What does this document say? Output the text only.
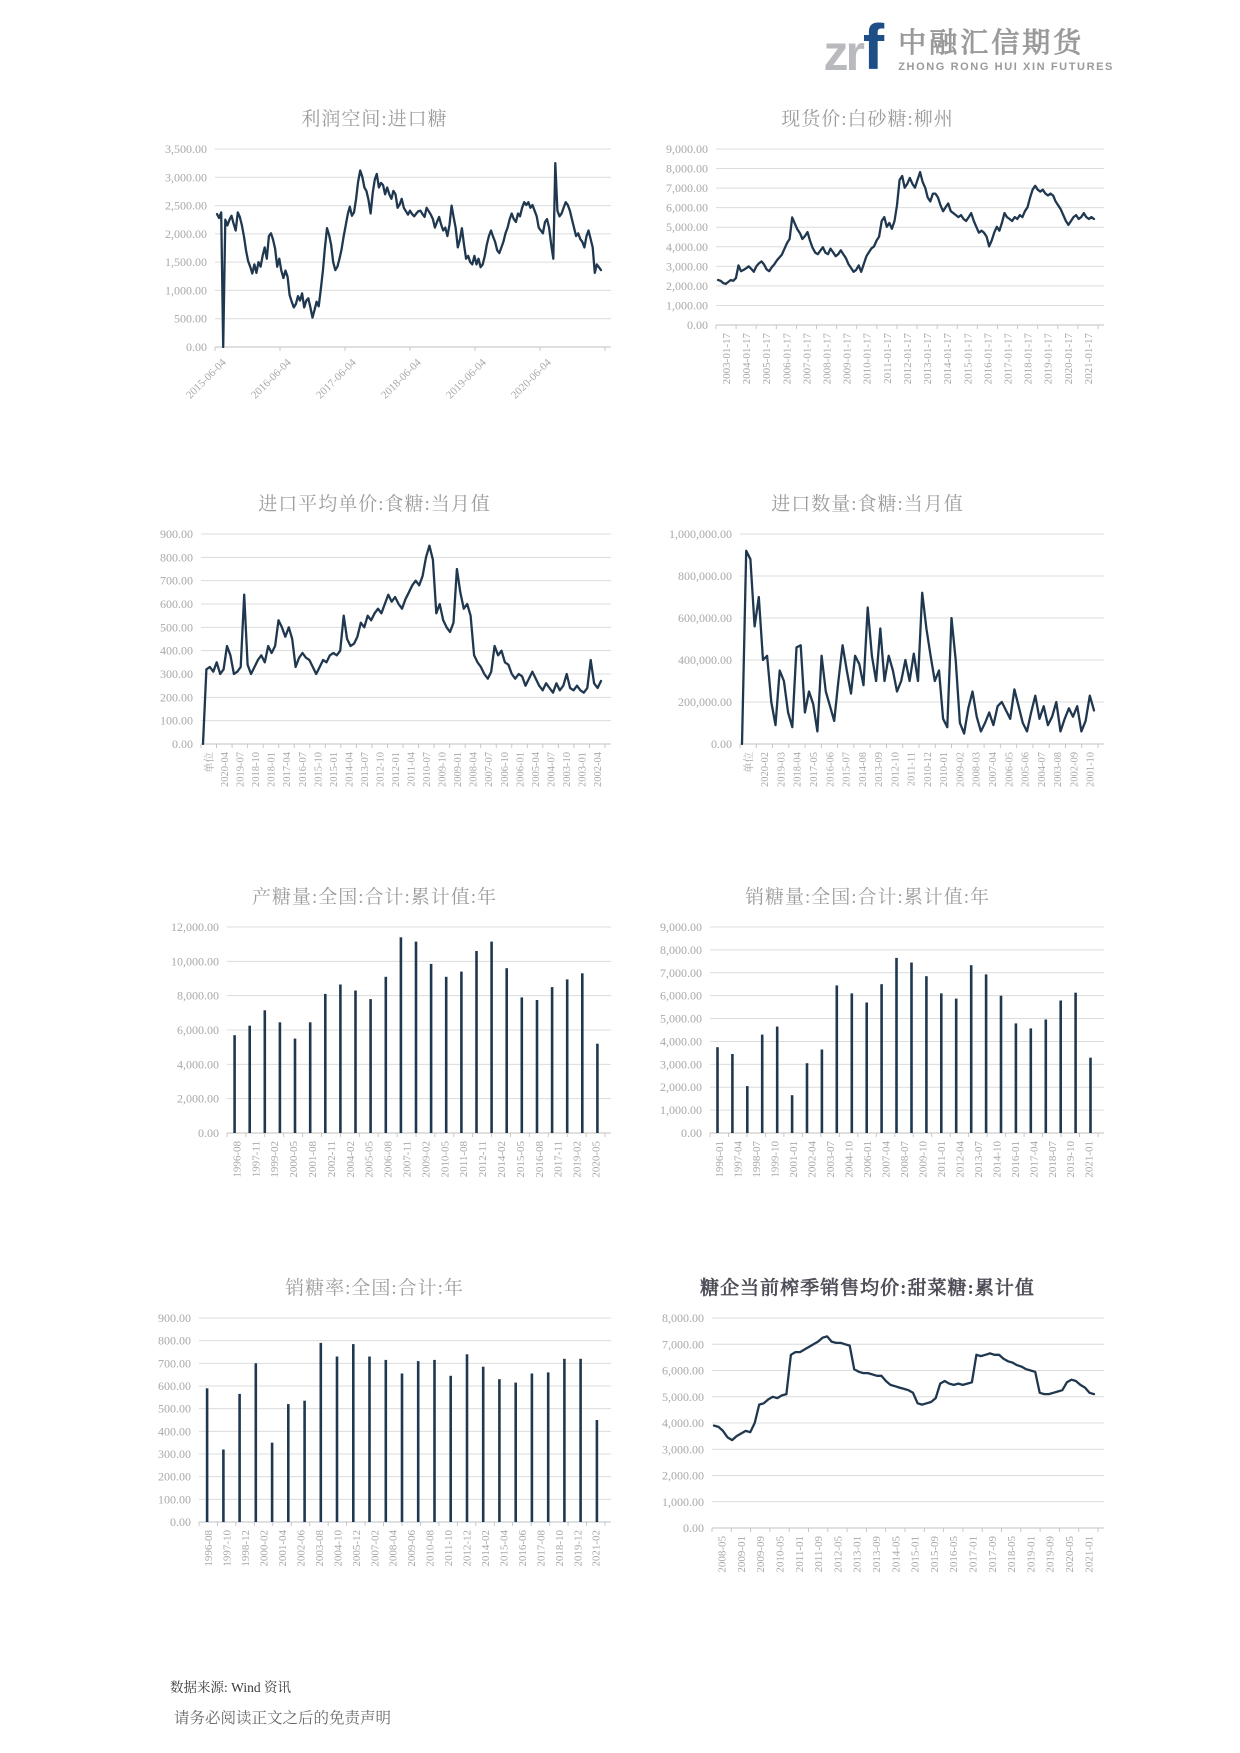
zr f 中融汇信期货
ZHONG RONG HUI XIN FUTURES
利润空间:进口糖
0.00
500.00
1,000.00
1,500.00
2,000.00
2,500.00
3,000.00
3,500.00
2015-06-04 2016-06-04 2017-06-04 2018-06-04 2019-06-04 2020-06-04
现货价:白砂糖:柳州
0.00
1,000.00
2,000.00
3,000.00
4,000.00
5,000.00
6,000.00
7,000.00
8,000.00
9,000.00
2003-01-17 2004-01-17 2005-01-17 2006-01-17 2007-01-17 2008-01-17 2009-01-17 2010-01-17 2011-01-17 2012-01-17 2013-01-17 2014-01-17 2015-01-17 2016-01-17 2017-01-17 2018-01-17 2019-01-17 2020-01-17 2021-01-17
进口平均单价:食糖:当月值
0.00
100.00
200.00
300.00
400.00
500.00
600.00
700.00
800.00
900.00
单位 2020-04 2019-07 2018-10 2018-01 2017-04 2016-07 2015-10 2015-01 2014-04 2013-07 2012-10 2012-01 2011-04 2010-07 2009-10 2009-01 2008-04 2007-07 2006-10 2006-01 2005-04 2004-07 2003-10 2003-01 2002-04
进口数量:食糖:当月值
0.00
200,000.00
400,000.00
600,000.00
800,000.00
1,000,000.00
单位 2020-02 2019-03 2018-04 2017-05 2016-06 2015-07 2014-08 2013-09 2012-10 2011-11 2010-12 2010-01 2009-02 2008-03 2007-04 2006-05 2005-06 2004-07 2003-08 2002-09 2001-10
产糖量:全国:合计:累计值:年
0.00
2,000.00
4,000.00
6,000.00
8,000.00
10,000.00
12,000.00
1996-08 1997-11 1999-02 2000-05 2001-08 2002-11 2004-02 2005-05 2006-08 2007-11 2009-02 2010-05 2011-08 2012-11 2014-02 2015-05 2016-08 2017-11 2019-02 2020-05
销糖量:全国:合计:累计值:年
0.00
1,000.00
2,000.00
3,000.00
4,000.00
5,000.00
6,000.00
7,000.00
8,000.00
9,000.00
1996-01 1997-04 1998-07 1999-10 2001-01 2002-04 2003-07 2004-10 2006-01 2007-04 2008-07 2009-10 2011-01 2012-04 2013-07 2014-10 2016-01 2017-04 2018-07 2019-10 2021-01
销糖率:全国:合计:年
0.00
100.00
200.00
300.00
400.00
500.00
600.00
700.00
800.00
900.00
1996-08 1997-10 1998-12 2000-02 2001-04 2002-06 2003-08 2004-10 2005-12 2007-02 2008-04 2009-06 2010-08 2011-10 2012-12 2014-02 2015-04 2016-06 2017-08 2018-10 2019-12 2021-02
糖企当前榨季销售均价:甜菜糖:累计值
0.00
1,000.00
2,000.00
3,000.00
4,000.00
5,000.00
6,000.00
7,000.00
8,000.00
2008-05 2009-01 2009-09 2010-05 2011-01 2011-09 2012-05 2013-01 2013-09 2014-05 2015-01 2015-09 2016-05 2017-01 2017-09 2018-05 2019-01 2019-09 2020-05 2021-01
数据来源: Wind 资讯
请务必阅读正文之后的免责声明
